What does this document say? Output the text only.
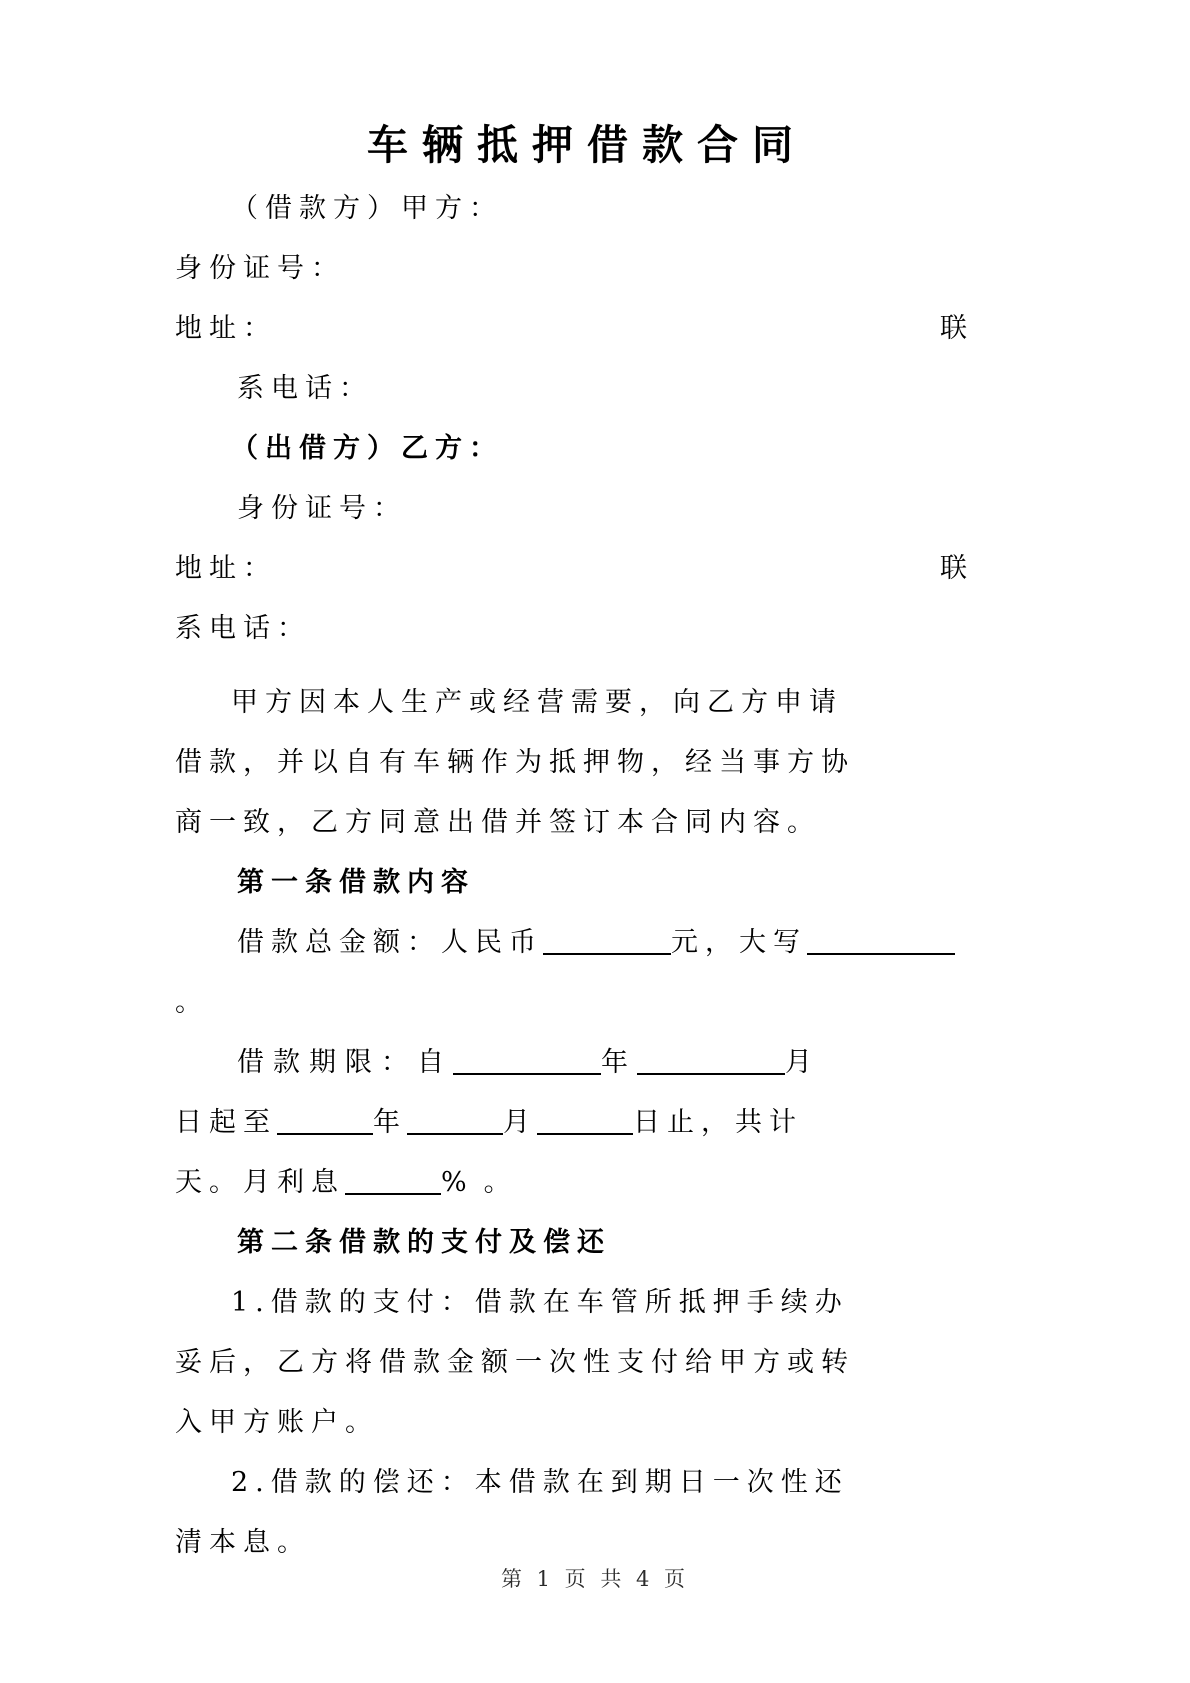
车辆抵押借款合同
（借款方）甲方：
身份证号：
地址：	联
系电话：
（出借方）乙方：
身份证号：
地址：	联
系电话：
甲方因本人生产或经营需要，向乙方申请
借款，并以自有车辆作为抵押物，经当事方协
商一致，乙方同意出借并签订本合同内容。
第一条借款内容
借款总金额：人民币	元，大写
。
借款期限：自	年	月
日起至	年	月	日止，共计
天。月利息	% 。
第二条借款的支付及偿还
1.借款的支付：借款在车管所抵押手续办
妥后，乙方将借款金额一次性支付给甲方或转
入甲方账户。
2.借款的偿还：本借款在到期日一次性还
清本息。
第 1 页 共 4 页
